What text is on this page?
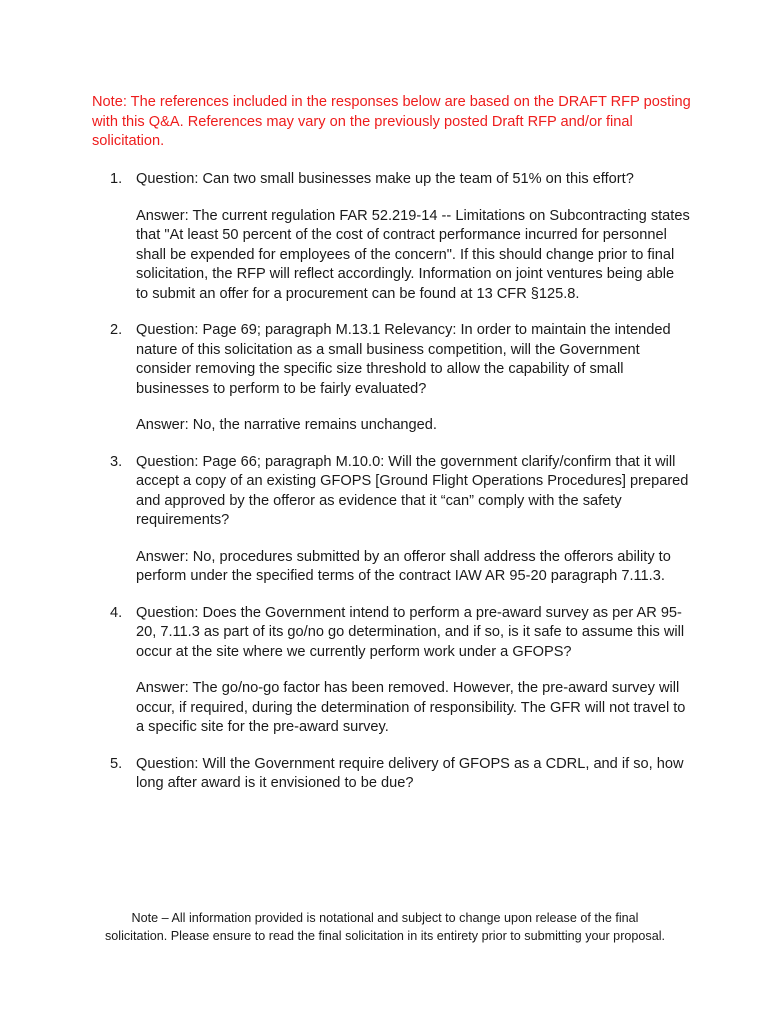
Note: The references included in the responses below are based on the DRAFT RFP posting with this Q&A. References may vary on the previously posted Draft RFP and/or final solicitation.
1. Question: Can two small businesses make up the team of 51% on this effort?
Answer: The current regulation FAR 52.219-14 -- Limitations on Subcontracting states that "At least 50 percent of the cost of contract performance incurred for personnel shall be expended for employees of the concern". If this should change prior to final solicitation, the RFP will reflect accordingly. Information on joint ventures being able to submit an offer for a procurement can be found at 13 CFR §125.8.
2. Question: Page 69; paragraph M.13.1 Relevancy: In order to maintain the intended nature of this solicitation as a small business competition, will the Government consider removing the specific size threshold to allow the capability of small businesses to perform to be fairly evaluated?
Answer: No, the narrative remains unchanged.
3. Question: Page 66; paragraph M.10.0: Will the government clarify/confirm that it will accept a copy of an existing GFOPS [Ground Flight Operations Procedures] prepared and approved by the offeror as evidence that it “can” comply with the safety requirements?
Answer: No, procedures submitted by an offeror shall address the offerors ability to perform under the specified terms of the contract IAW AR 95-20 paragraph 7.11.3.
4. Question: Does the Government intend to perform a pre-award survey as per AR 95-20, 7.11.3 as part of its go/no go determination, and if so, is it safe to assume this will occur at the site where we currently perform work under a GFOPS?
Answer: The go/no-go factor has been removed. However, the pre-award survey will occur, if required, during the determination of responsibility. The GFR will not travel to a specific site for the pre-award survey.
5. Question: Will the Government require delivery of GFOPS as a CDRL, and if so, how long after award is it envisioned to be due?
Note – All information provided is notational and subject to change upon release of the final solicitation. Please ensure to read the final solicitation in its entirety prior to submitting your proposal.
